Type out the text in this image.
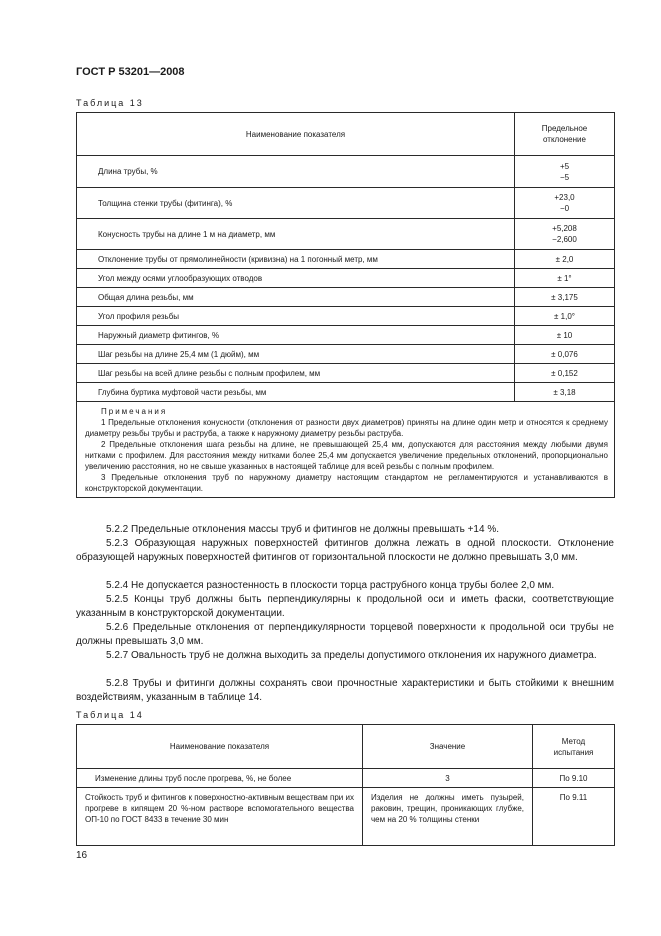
ГОСТ Р 53201—2008
Таблица 13
Наименование показателя	Предельное
отклонение
Длина трубы, %	+5
−5
Толщина стенки трубы (фитинга), %	+23,0
−0
Конусность трубы на длине 1 м на диаметр, мм	+5,208
−2,600
Отклонение трубы от прямолинейности (кривизна) на 1 погонный метр, мм	± 2,0
Угол между осями углообразующих отводов	± 1°
Общая длина резьбы, мм	± 3,175
Угол профиля резьбы	± 1,0°
Наружный диаметр фитингов, %	± 10
Шаг резьбы на длине 25,4 мм (1 дюйм), мм	± 0,076
Шаг резьбы на всей длине резьбы с полным профилем, мм	± 0,152
Глубина буртика муфтовой части резьбы, мм	± 3,18

Примечания

1 Предельные отклонения конусности (отклонения от разности двух диаметров) приняты на длине один метр и относятся к среднему диаметру резьбы трубы и раструба, а также к наружному диаметру резьбы раструба.

2 Предельные отклонения шага резьбы на длине, не превышающей 25,4 мм, допускаются для расстояния между любыми двумя нитками с профилем. Для расстояния между нитками более 25,4 мм допускается увеличение предельных отклонений, пропорционально увеличению расстояния, но не свыше указанных в настоящей таблице для всей резьбы с полным профилем.

3 Предельные отклонения труб по наружному диаметру настоящим стандартом не регламентируются и устанавливаются в конструкторской документации.	

5.2.2 Предельные отклонения массы труб и фитингов не должны превышать +14 %.
5.2.3 Образующая наружных поверхностей фитингов должна лежать в одной плоскости. Отклонение образующей наружных поверхностей фитингов от горизонтальной плоскости не должно превышать 3,0 мм.
5.2.4 Не допускается разностенность в плоскости торца раструбного конца трубы более 2,0 мм.
5.2.5 Концы труб должны быть перпендикулярны к продольной оси и иметь фаски, соответствующие указанным в конструкторской документации.
5.2.6 Предельные отклонения от перпендикулярности торцевой поверхности к продольной оси трубы не должны превышать 3,0 мм.
5.2.7 Овальность труб не должна выходить за пределы допустимого отклонения их наружного диаметра.
5.2.8 Трубы и фитинги должны сохранять свои прочностные характеристики и быть стойкими к внешним воздействиям, указанным в таблице 14.
Таблица 14
Наименование показателя	Значение	Метод
испытания
Изменение длины труб после прогрева, %, не более	3	По 9.10
Стойкость труб и фитингов к поверхностно-активным веществам при их прогреве в кипящем 20 %-ном растворе вспомогательного вещества ОП-10 по ГОСТ 8433 в течение 30 мин	Изделия не должны иметь пузырей, раковин, трещин, проникающих глубже, чем на 20 % толщины стенки	По 9.11
16
